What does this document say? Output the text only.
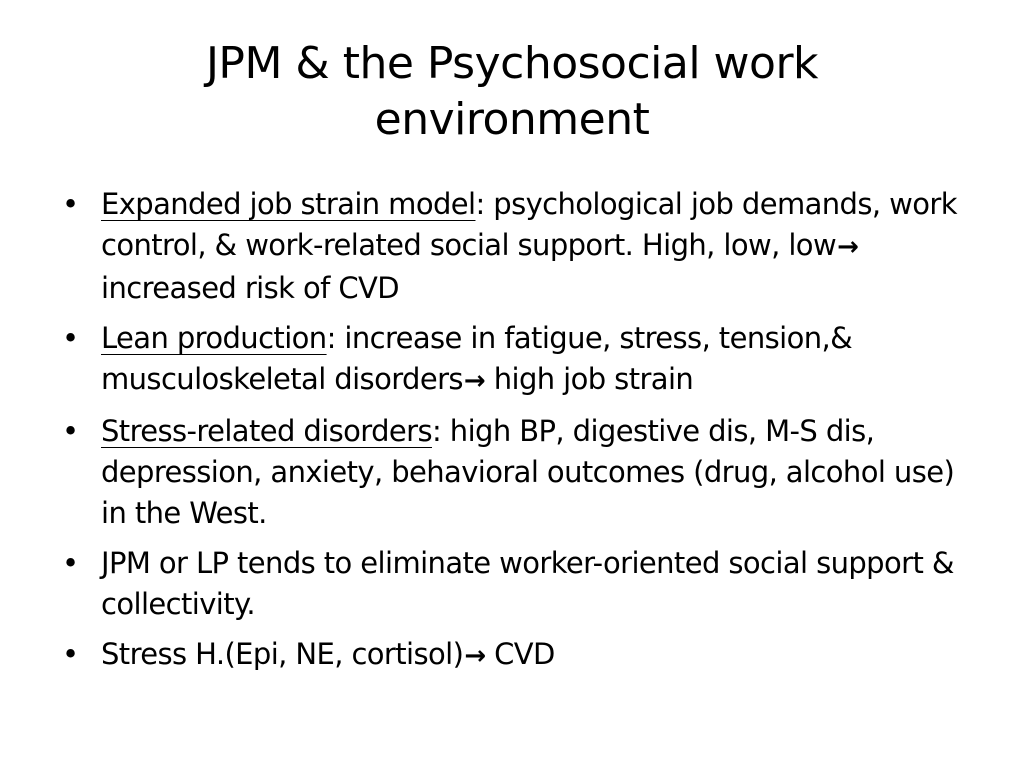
JPM & the Psychosocial work environment
• Expanded job strain model: psychological job demands, work control, & work-related social support. High, low, low→ increased risk of CVD
• Lean production: increase in fatigue, stress, tension,& musculoskeletal disorders→ high job strain
• Stress-related disorders: high BP, digestive dis, M-S dis, depression, anxiety, behavioral outcomes (drug, alcohol use) in the West.
• JPM or LP tends to eliminate worker-oriented social support & collectivity.
• Stress H.(Epi, NE, cortisol)→ CVD
